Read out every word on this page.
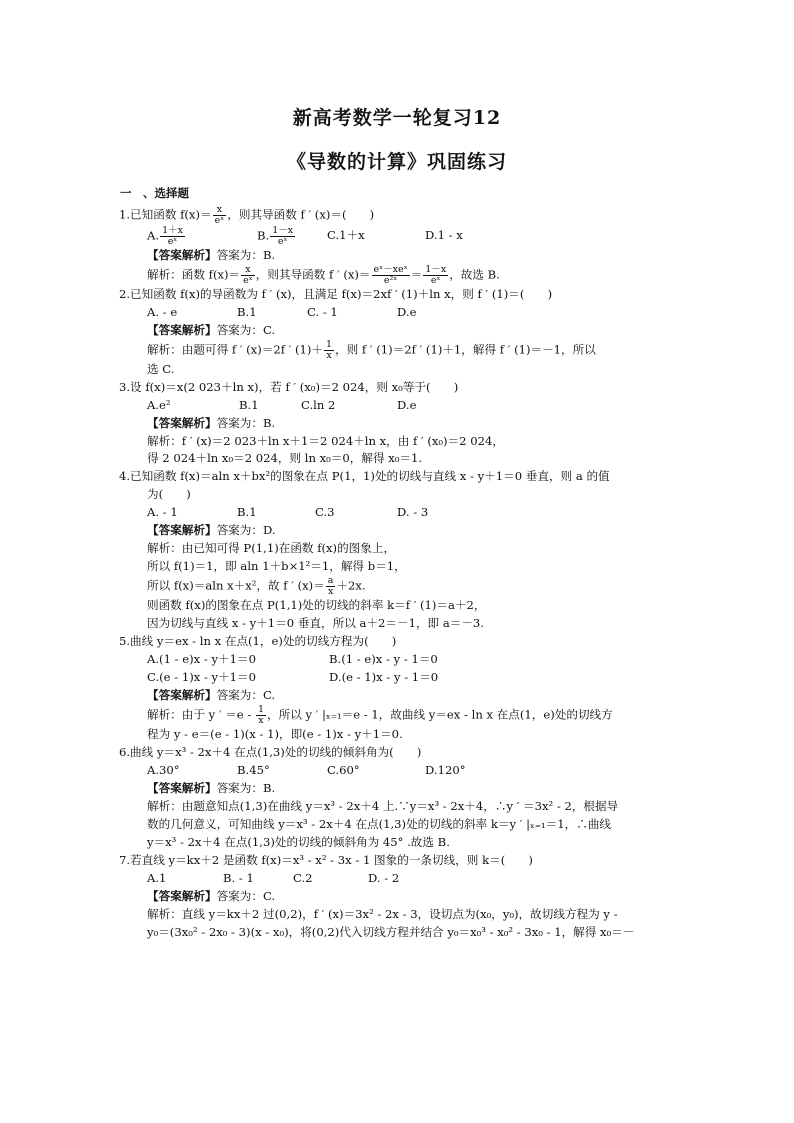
新高考数学一轮复习12
《导数的计算》巩固练习
一　、选择题
1.已知函数 $f(x)= \frac{x}{\text{eˣ}}$ ，则其导函数 f ′ (x)＝(　　)
A. $\frac{1+x}{\text{eˣ}}$	B. $\frac{1-x}{\text{eˣ}}$	C.1＋x	D.1 - x
【答案解析】答案为：B.
解析：函数 $f(x)= \frac{x}{\text{eˣ}}$ ，则其导函数 f ′ $(x)= \frac{\text{eˣ－xeˣ}}{\text{e²ˣ}} = \frac{1-x}{\text{eˣ}}$ ，故选 B.
2.已知函数 f(x)的导函数为 f ′ (x)，且满足 f(x)＝2xf ′ (1)＋ln x，则 f ′ (1)＝(　　)
A. - e	B.1	C. - 1	D.e
【答案解析】答案为：C.
解析：由题可得 f ′ (x)＝2f ′ $(1)+ \frac{1}{x}$ ，则 f ′ (1)＝2f ′ (1)＋1，解得 f ′ (1)＝－1，所以
选 C.
3.设 f(x)＝x(2 023＋ln x)，若 f ′ (x₀)＝2 024，则 x₀等于(　　)
A.e²	B.1	C.ln 2	D.e
【答案解析】答案为：B.
解析：f ′ (x)＝2 023＋ln x＋1＝2 024＋ln x，由 f ′ (x₀)＝2 024，
得 2 024＋ln x₀＝2 024，则 ln x₀＝0，解得 x₀＝1.
4.已知函数 f(x)＝aln x＋bx²的图象在点 P(1，1)处的切线与直线 x - y＋1＝0 垂直，则 a 的值
为(　　)
A. - 1	B.1	C.3	D. - 3
【答案解析】答案为：D.
解析：由已知可得 P(1,1)在函数 f(x)的图象上，
所以 f(1)＝1，即 aln 1＋b×1²＝1，解得 b＝1，
所以 f(x)＝aln x＋x²，故 f ′ $(x)= \frac{a}{x} +2x$.
则函数 f(x)的图象在点 P(1,1)处的切线的斜率 k＝f ′ (1)＝a＋2，
因为切线与直线 x - y＋1＝0 垂直，所以 a＋2＝－1，即 a＝－3.
5.曲线 y＝ex - ln x 在点(1，e)处的切线方程为(　　)
A.(1 - e)x - y＋1＝0	B.(1 - e)x - y - 1＝0
C.(e - 1)x - y＋1＝0	D.(e - 1)x - y - 1＝0
【答案解析】答案为：C.
解析：由于 y ′ $=e - \frac{1}{x}$ ，所以 y ′ |ₓ₌₁＝e - 1，故曲线 y＝ex - ln x 在点(1，e)处的切线方
程为 y - e＝(e - 1)(x - 1)，即(e - 1)x - y＋1＝0.
6.曲线 y＝x³ - 2x＋4 在点(1,3)处的切线的倾斜角为(　　)
A.30°	B.45°	C.60°	D.120°
【答案解析】答案为：B.
解析：由题意知点(1,3)在曲线 y＝x³ - 2x＋4 上.∵y＝x³ - 2x＋4，∴y ′ ＝3x² - 2，根据导
数的几何意义，可知曲线 y＝x³ - 2x＋4 在点(1,3)处的切线的斜率 k＝y ′ |ₓ₌₁＝1，∴曲线
y＝x³ - 2x＋4 在点(1,3)处的切线的倾斜角为 45° .故选 B.
7.若直线 y＝kx＋2 是函数 f(x)＝x³ - x² - 3x - 1 图象的一条切线，则 k＝(　　)
A.1	B. - 1	C.2	D. - 2
【答案解析】答案为：C.
解析：直线 y＝kx＋2 过(0,2)，f ′ (x)＝3x² - 2x - 3，设切点为(x₀，y₀)，故切线方程为 y -
y₀＝(3x₀² - 2x₀ - 3)(x - x₀)，将(0,2)代入切线方程并结合 y₀＝x₀³ - x₀² - 3x₀ - 1，解得 x₀＝－
